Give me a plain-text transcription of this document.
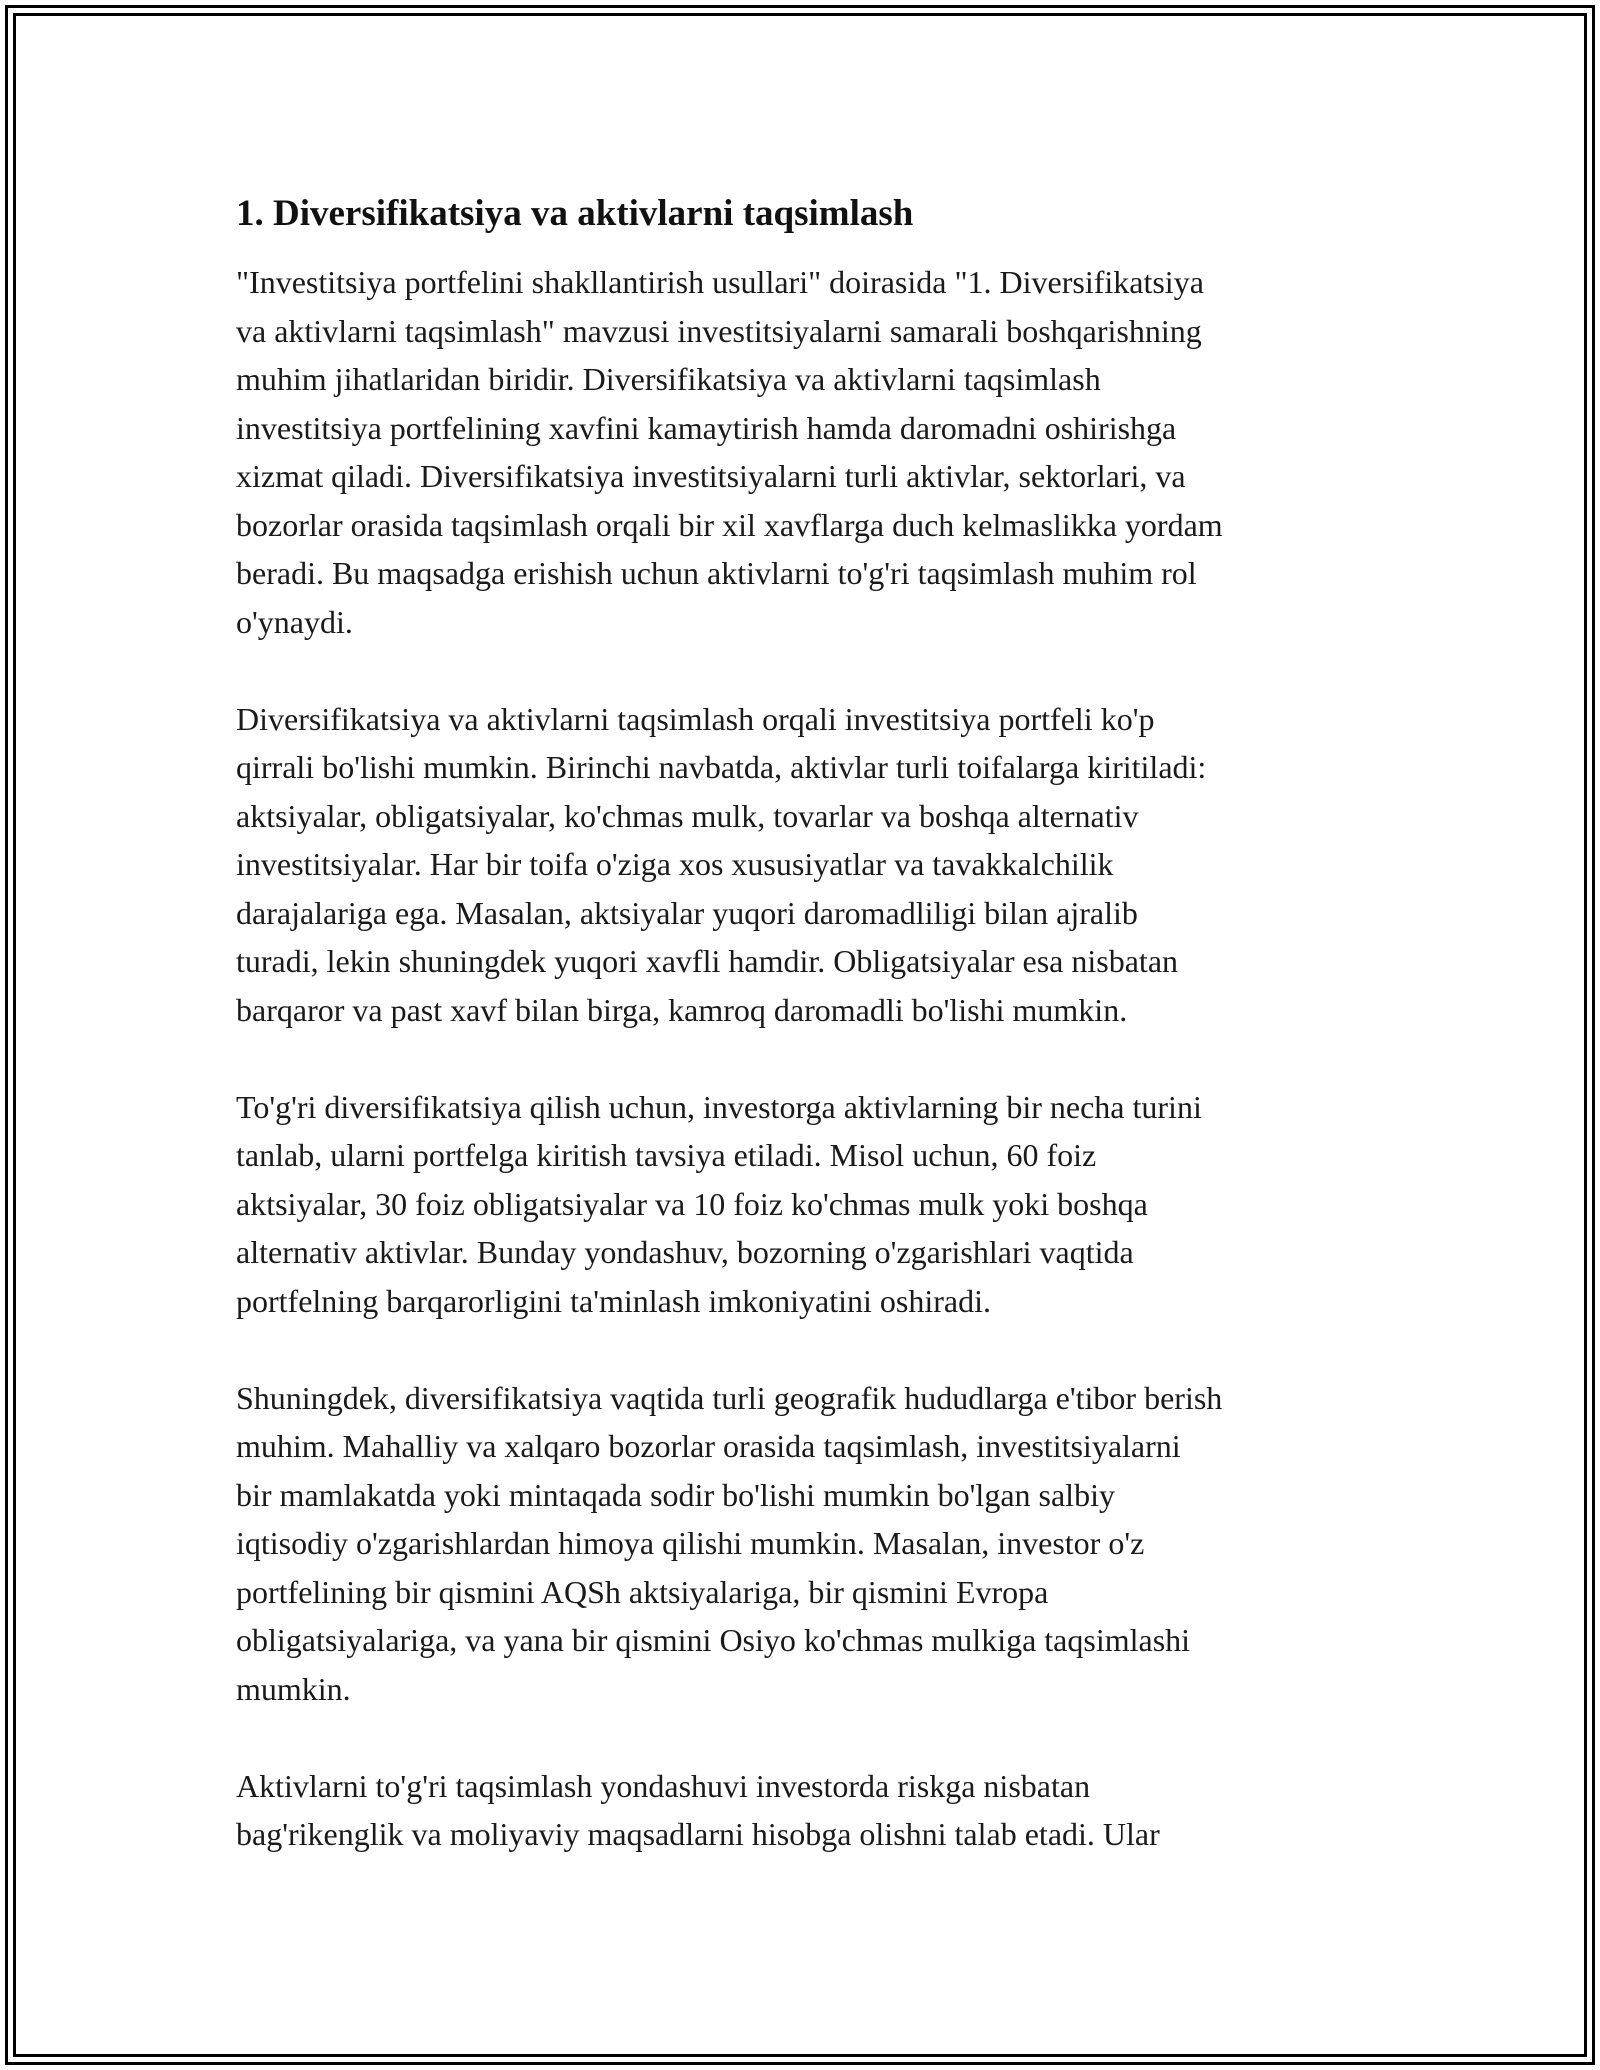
1. Diversifikatsiya va aktivlarni taqsimlash

"Investitsiya portfelini shakllantirish usullari" doirasida "1. Diversifikatsiya
va aktivlarni taqsimlash" mavzusi investitsiyalarni samarali boshqarishning
muhim jihatlaridan biridir. Diversifikatsiya va aktivlarni taqsimlash
investitsiya portfelining xavfini kamaytirish hamda daromadni oshirishga
xizmat qiladi. Diversifikatsiya investitsiyalarni turli aktivlar, sektorlari, va
bozorlar orasida taqsimlash orqali bir xil xavflarga duch kelmaslikka yordam
beradi. Bu maqsadga erishish uchun aktivlarni to'g'ri taqsimlash muhim rol
o'ynaydi.

Diversifikatsiya va aktivlarni taqsimlash orqali investitsiya portfeli ko'p
qirrali bo'lishi mumkin. Birinchi navbatda, aktivlar turli toifalarga kiritiladi:
aktsiyalar, obligatsiyalar, ko'chmas mulk, tovarlar va boshqa alternativ
investitsiyalar. Har bir toifa o'ziga xos xususiyatlar va tavakkalchilik
darajalariga ega. Masalan, aktsiyalar yuqori daromadliligi bilan ajralib
turadi, lekin shuningdek yuqori xavfli hamdir. Obligatsiyalar esa nisbatan
barqaror va past xavf bilan birga, kamroq daromadli bo'lishi mumkin.

To'g'ri diversifikatsiya qilish uchun, investorga aktivlarning bir necha turini
tanlab, ularni portfelga kiritish tavsiya etiladi. Misol uchun, 60 foiz
aktsiyalar, 30 foiz obligatsiyalar va 10 foiz ko'chmas mulk yoki boshqa
alternativ aktivlar. Bunday yondashuv, bozorning o'zgarishlari vaqtida
portfelning barqarorligini ta'minlash imkoniyatini oshiradi.

Shuningdek, diversifikatsiya vaqtida turli geografik hududlarga e'tibor berish
muhim. Mahalliy va xalqaro bozorlar orasida taqsimlash, investitsiyalarni
bir mamlakatda yoki mintaqada sodir bo'lishi mumkin bo'lgan salbiy
iqtisodiy o'zgarishlardan himoya qilishi mumkin. Masalan, investor o'z
portfelining bir qismini AQSh aktsiyalariga, bir qismini Evropa
obligatsiyalariga, va yana bir qismini Osiyo ko'chmas mulkiga taqsimlashi
mumkin.

Aktivlarni to'g'ri taqsimlash yondashuvi investorda riskga nisbatan
bag'rikenglik va moliyaviy maqsadlarni hisobga olishni talab etadi. Ular
